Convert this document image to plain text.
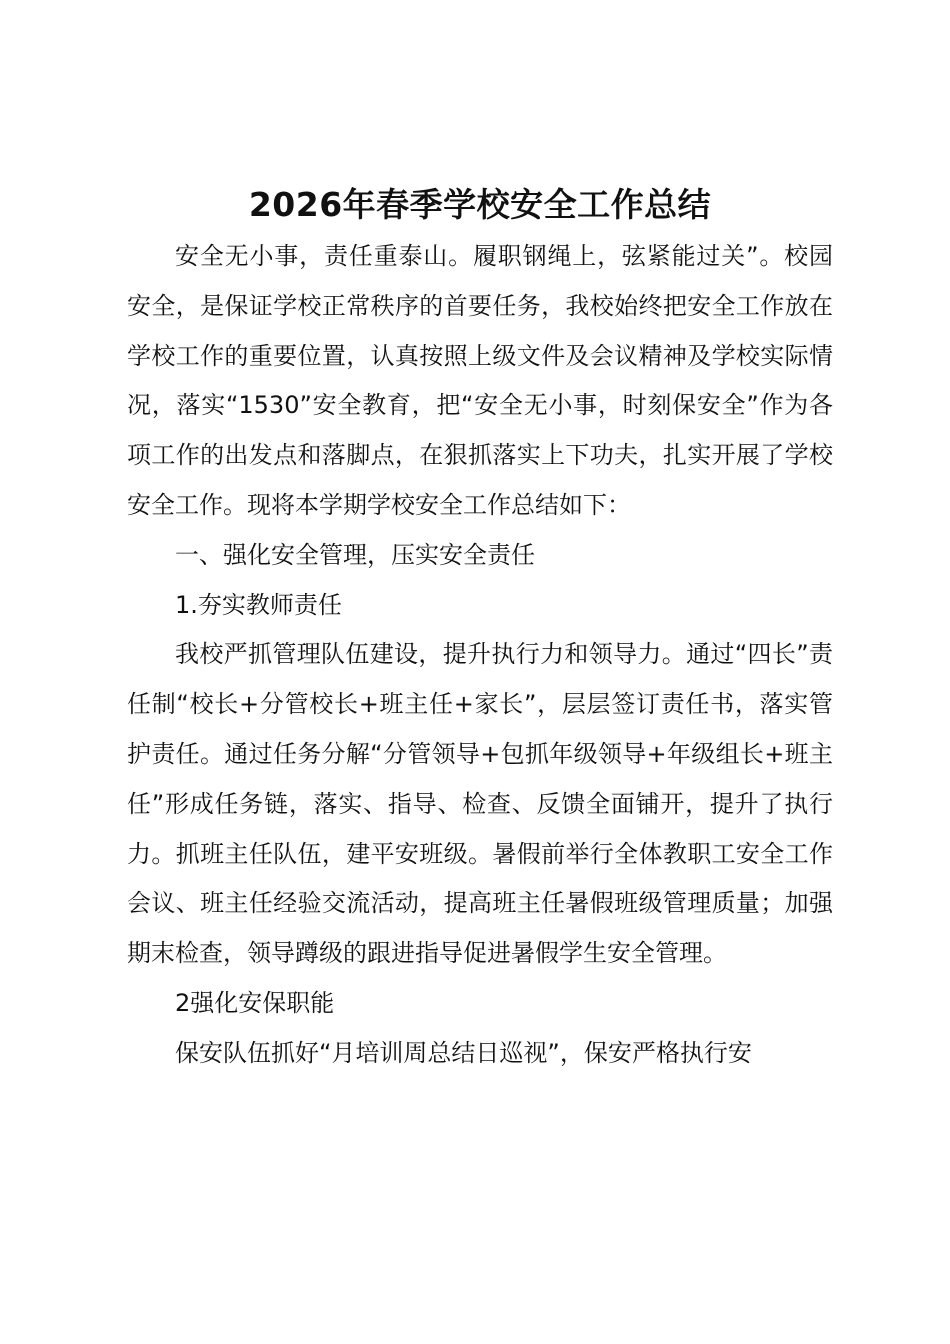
2026年春季学校安全工作总结

安全无小事，责任重泰山。履职钢绳上，弦紧能过关”。校园安全，是保证学校正常秩序的首要任务，我校始终把安全工作放在学校工作的重要位置，认真按照上级文件及会议精神及学校实际情况，落实“1530”安全教育，把“安全无小事，时刻保安全”作为各项工作的出发点和落脚点，在狠抓落实上下功夫，扎实开展了学校安全工作。现将本学期学校安全工作总结如下：

一、强化安全管理，压实安全责任

1.夯实教师责任

我校严抓管理队伍建设，提升执行力和领导力。通过“四长”责任制“校长+分管校长+班主任+家长”，层层签订责任书，落实管护责任。通过任务分解“分管领导+包抓年级领导+年级组长+班主任”形成任务链，落实、指导、检查、反馈全面铺开，提升了执行力。抓班主任队伍，建平安班级。暑假前举行全体教职工安全工作会议、班主任经验交流活动，提高班主任暑假班级管理质量；加强期末检查，领导蹲级的跟进指导促进暑假学生安全管理。

2强化安保职能

保安队伍抓好“月培训周总结日巡视”，保安严格执行安
